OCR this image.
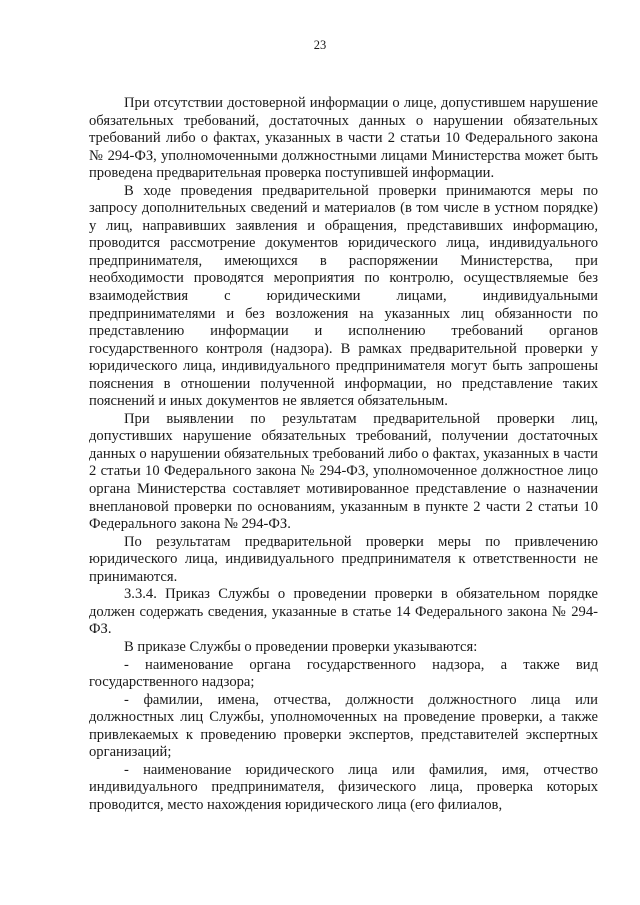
23

При отсутствии достоверной информации о лице, допустившем нарушение обязательных требований, достаточных данных о нарушении обязательных требований либо о фактах, указанных в части 2 статьи 10 Федерального закона № 294-ФЗ, уполномоченными должностными лицами Министерства может быть проведена предварительная проверка поступившей информации.

В ходе проведения предварительной проверки принимаются меры по запросу дополнительных сведений и материалов (в том числе в устном порядке) у лиц, направивших заявления и обращения, представивших информацию, проводится рассмотрение документов юридического лица, индивидуального предпринимателя, имеющихся в распоряжении Министерства, при необходимости проводятся мероприятия по контролю, осуществляемые без взаимодействия с юридическими лицами, индивидуальными предпринимателями и без возложения на указанных лиц обязанности по представлению информации и исполнению требований органов государственного контроля (надзора). В рамках предварительной проверки у юридического лица, индивидуального предпринимателя могут быть запрошены пояснения в отношении полученной информации, но представление таких пояснений и иных документов не является обязательным.

При выявлении по результатам предварительной проверки лиц, допустивших нарушение обязательных требований, получении достаточных данных о нарушении обязательных требований либо о фактах, указанных в части 2 статьи 10 Федерального закона № 294-ФЗ, уполномоченное должностное лицо органа Министерства составляет мотивированное представление о назначении внеплановой проверки по основаниям, указанным в пункте 2 части 2 статьи 10 Федерального закона № 294-ФЗ.

По результатам предварительной проверки меры по привлечению юридического лица, индивидуального предпринимателя к ответственности не принимаются.

3.3.4. Приказ Службы о проведении проверки в обязательном порядке должен содержать сведения, указанные в статье 14 Федерального закона № 294-ФЗ.

В приказе Службы о проведении проверки указываются:

- наименование органа государственного надзора, а также вид государственного надзора;

- фамилии, имена, отчества, должности должностного лица или должностных лиц Службы, уполномоченных на проведение проверки, а также привлекаемых к проведению проверки экспертов, представителей экспертных организаций;

- наименование юридического лица или фамилия, имя, отчество индивидуального предпринимателя, физического лица, проверка которых проводится, место нахождения юридического лица (его филиалов,
